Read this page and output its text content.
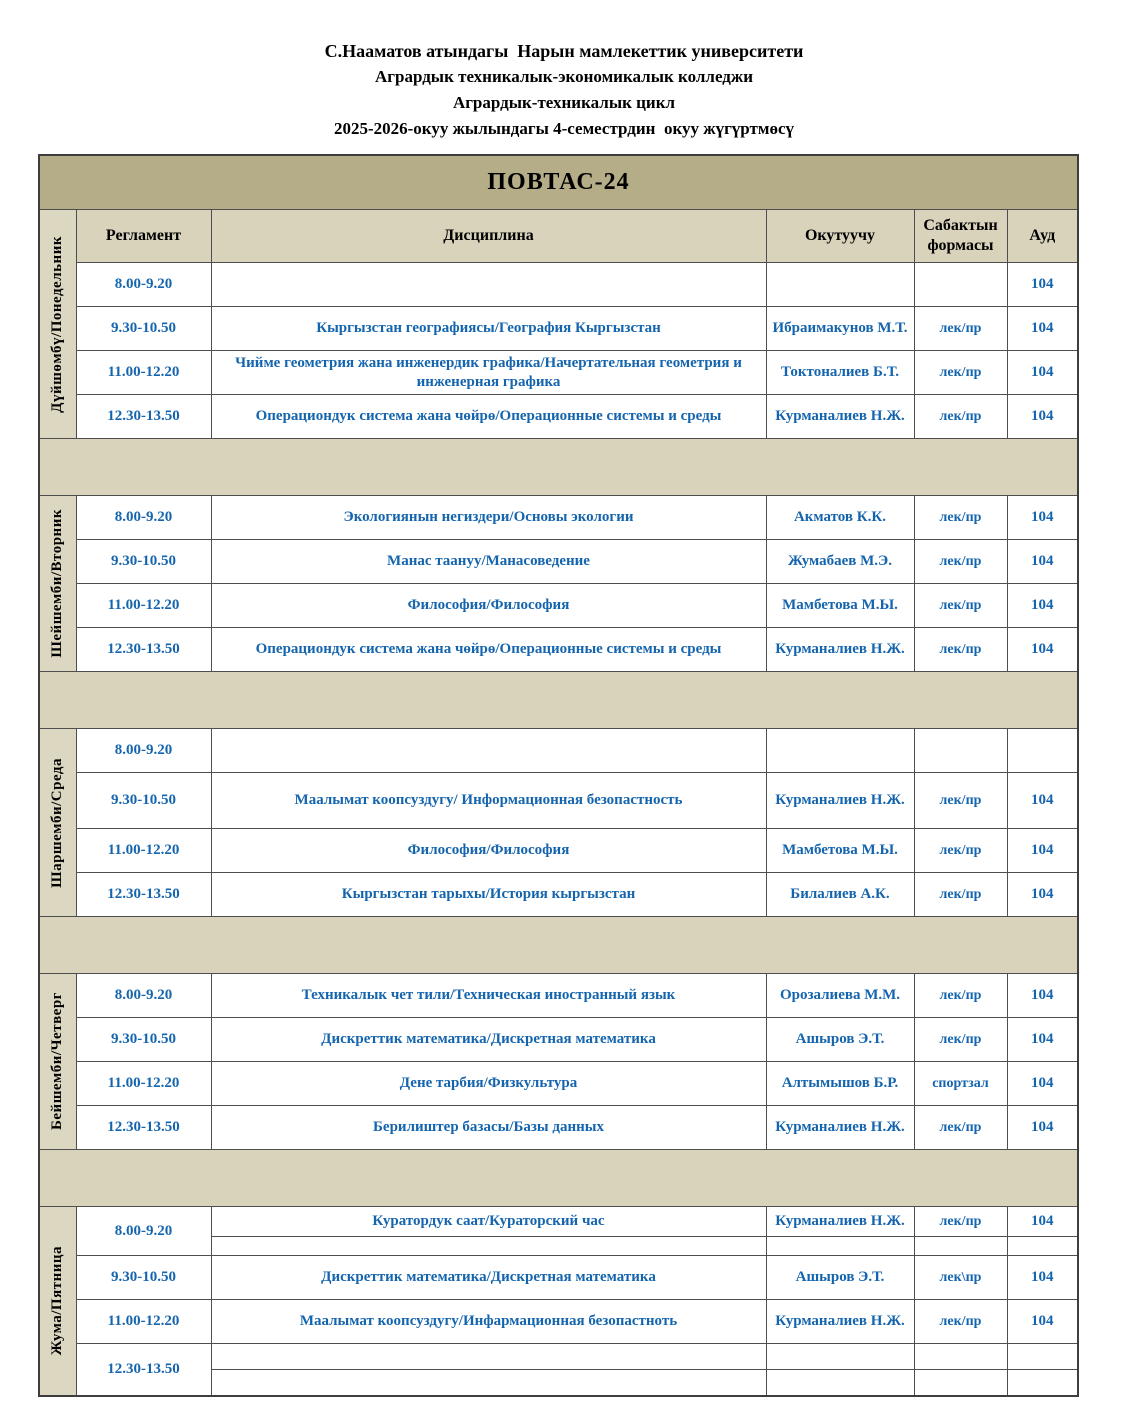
С.Нааматов атындагы  Нарын мамлекеттик университети
Агрардык техникалык-экономикалык колледжи
Агрардык-техникалык цикл
2025-2026-окуу жылындагы 4-семестрдин  окуу жүгүртмөсү
ПОВТАС-24					

Дүйшөмбү/Понедельник	Регламент	Дисциплина	Окутуучу	Сабактын формасы	Ауд
	8.00-9.20				104
	9.30-10.50	Кыргызстан географиясы/География Кыргызстан	Ибраимакунов М.Т.	лек/пр	104
	11.00-12.20	Чийме геометрия жана инженердик графика/Начертательная геометрия и инженерная графика	Токтоналиев Б.Т.	лек/пр	104
	12.30-13.50	Операциондук система жана чөйрө/Операционные системы и среды	Курманалиев Н.Ж.	лек/пр	104

Шейшемби/Вторник	8.00-9.20	Экологиянын негиздери/Основы экологии	Акматов К.К.	лек/пр	104
	9.30-10.50	Манас таануу/Манасоведение	Жумабаев М.Э.	лек/пр	104
	11.00-12.20	Философия/Философия	Мамбетова М.Ы.	лек/пр	104
	12.30-13.50	Операциондук система жана чөйрө/Операционные системы и среды	Курманалиев Н.Ж.	лек/пр	104

Шаршемби/Среда	8.00-9.20				
	9.30-10.50	Маалымат коопсуздугу/ Информационная безопастность	Курманалиев Н.Ж.	лек/пр	104
	11.00-12.20	Философия/Философия	Мамбетова М.Ы.	лек/пр	104
	12.30-13.50	Кыргызстан тарыхы/История кыргызстан	Билалиев А.К.	лек/пр	104

Бейшемби/Четверг	8.00-9.20	Техникалык чет тили/Техническая иностранный язык	Орозалиева М.М.	лек/пр	104
	9.30-10.50	Дискреттик математика/Дискретная математика	Ашыров Э.Т.	лек/пр	104
	11.00-12.20	Дене тарбия/Физкультура	Алтымышов Б.Р.	спортзал	104
	12.30-13.50	Берилиштер базасы/Базы данных	Курманалиев Н.Ж.	лек/пр	104

Жума/Пятница	8.00-9.20	Куратордук саат/Кураторский час	Курманалиев Н.Ж.	лек/пр	104

	9.30-10.50	Дискреттик математика/Дискретная математика	Ашыров Э.Т.	лек\пр	104
	11.00-12.20	Маалымат коопсуздугу/Инфармационная безопастноть	Курманалиев Н.Ж.	лек/пр	104
	12.30-13.50				
